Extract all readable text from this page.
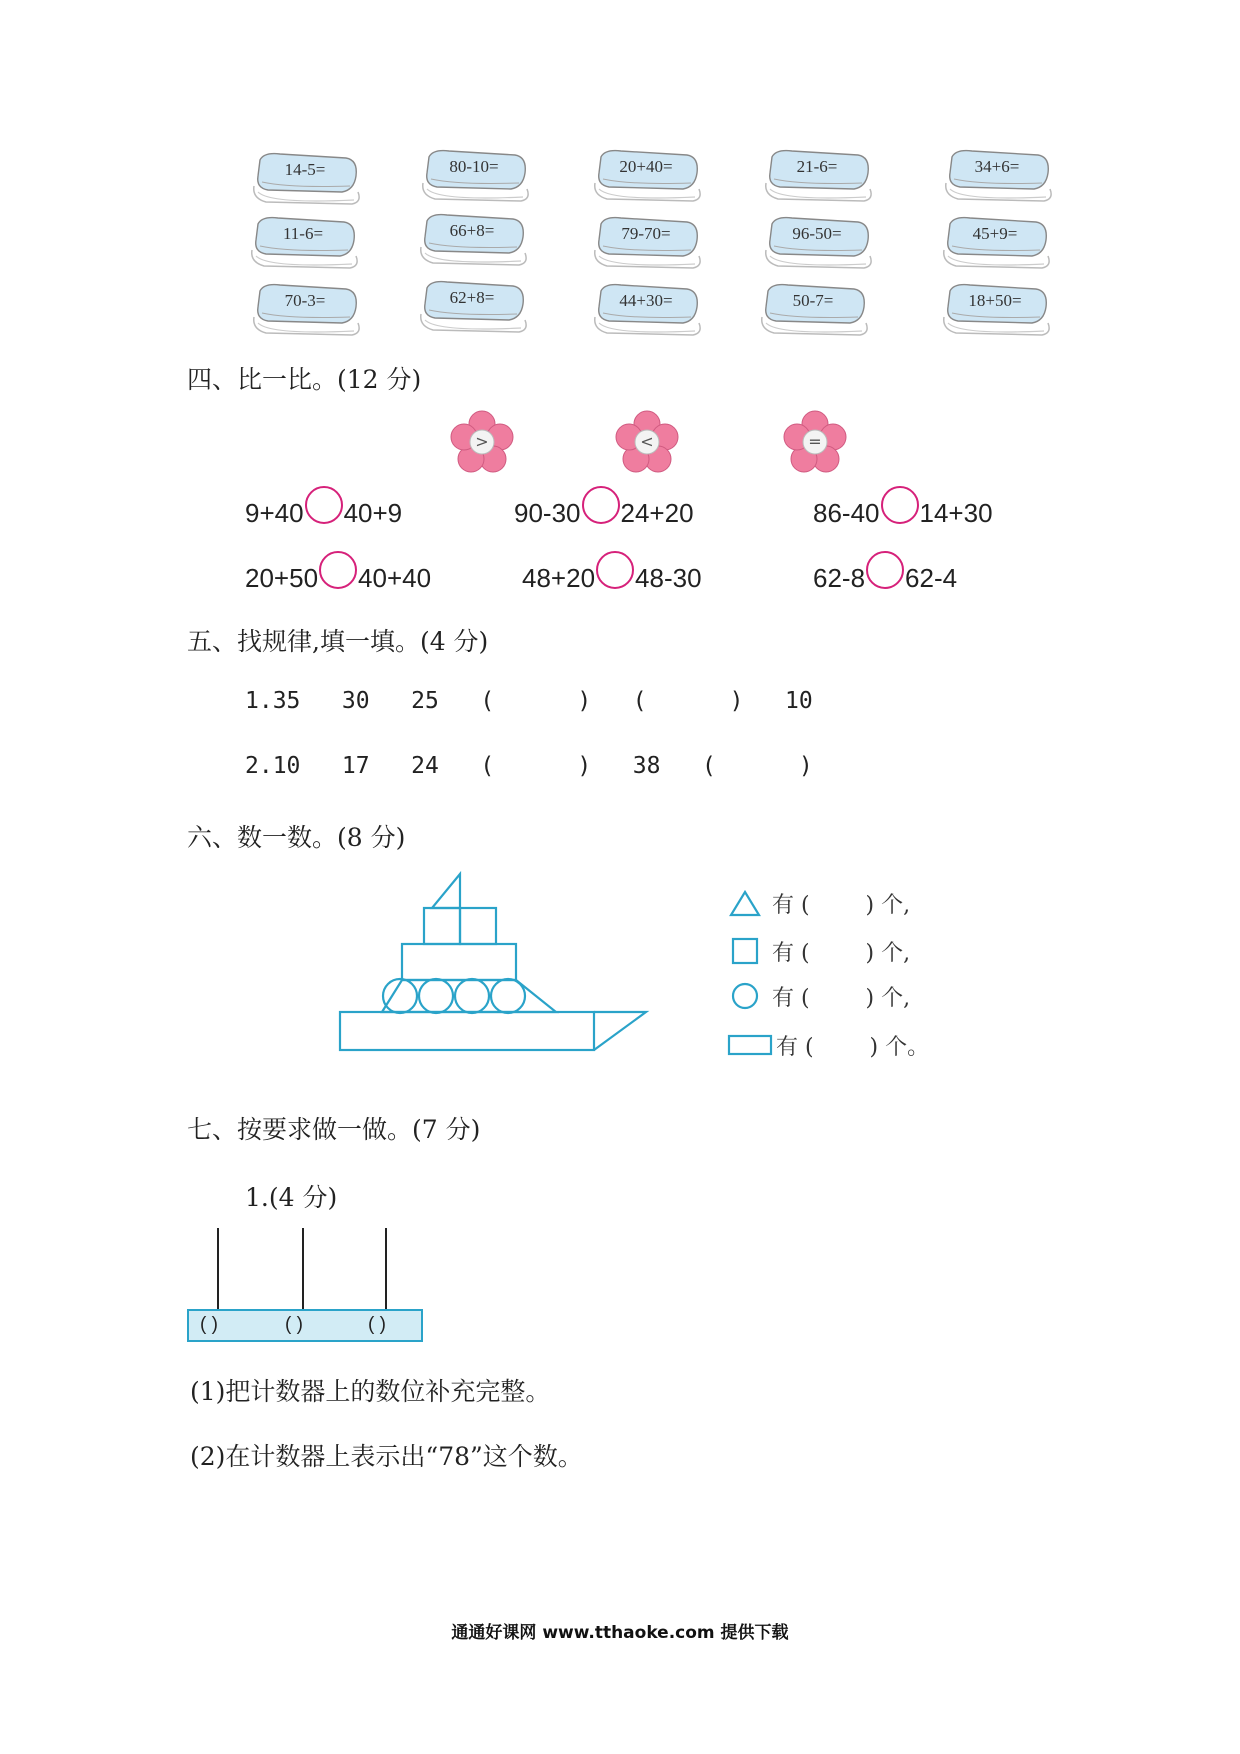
14-5=	80-10=	20+40=	21-6=	34+6=
11-6=	66+8=	79-70=	96-50=	45+9=
70-3=	62+8=	44+30=	50-7=	18+50=
四、比一比。(12 分)
>	<	=
9+40 40+9	90-30 24+20	86-40 14+30
20+50 40+40	48+20 48-30	62-8 62-4
五、找规律,填一填。(4 分)
1.35   30   25   (      )   (      )   10
2.10   17   24   (      )   38   (      )
六、数一数。(8 分)
有 (        ) 个,
有 (        ) 个,
有 (        ) 个,
有 (        ) 个。
七、按要求做一做。(7 分)
1.(4 分)
( )	( )	( )
(1)把计数器上的数位补充完整。
(2)在计数器上表示出“78”这个数。
通通好课网 www.tthaoke.com 提供下载
